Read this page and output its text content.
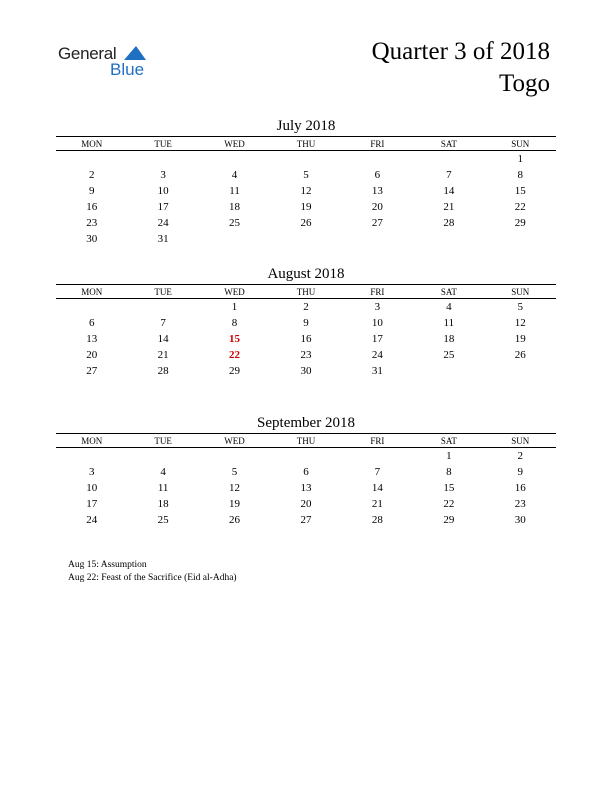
General
Blue
Quarter 3 of 2018
Togo
July 2018
MON	TUE	WED	THU	FRI	SAT	SUN
						1
2	3	4	5	6	7	8
9	10	11	12	13	14	15
16	17	18	19	20	21	22
23	24	25	26	27	28	29
30	31					
August 2018
MON	TUE	WED	THU	FRI	SAT	SUN
		1	2	3	4	5
6	7	8	9	10	11	12
13	14	15	16	17	18	19
20	21	22	23	24	25	26
27	28	29	30	31		
September 2018
MON	TUE	WED	THU	FRI	SAT	SUN
					1	2
3	4	5	6	7	8	9
10	11	12	13	14	15	16
17	18	19	20	21	22	23
24	25	26	27	28	29	30
Aug 15: Assumption
Aug 22: Feast of the Sacrifice (Eid al-Adha)
